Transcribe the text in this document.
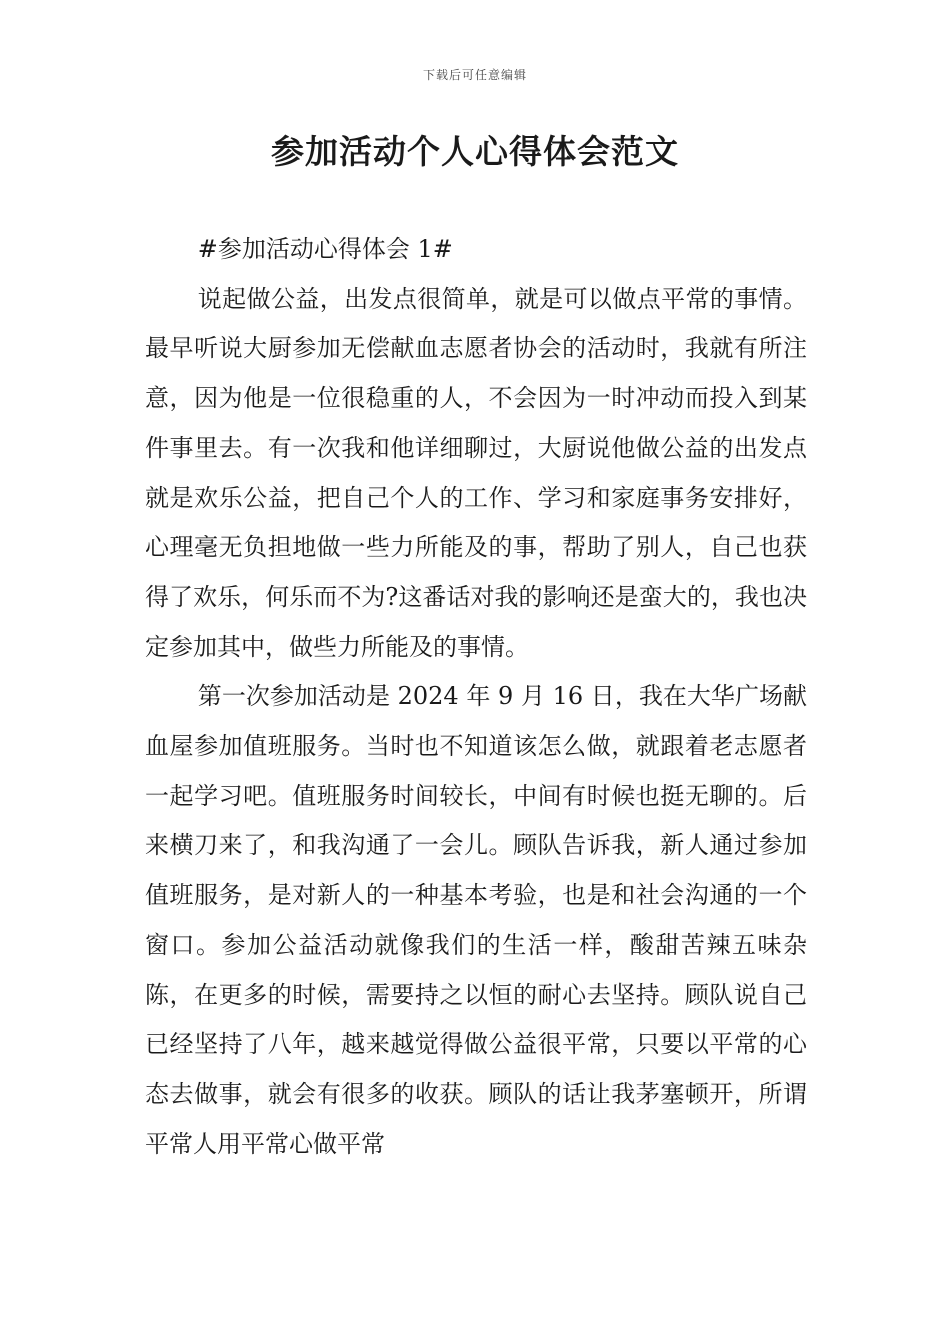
下载后可任意编辑
参加活动个人心得体会范文

#参加活动心得体会 1#

说起做公益，出发点很简单，就是可以做点平常的事情。最早听说大厨参加无偿献血志愿者协会的活动时，我就有所注意，因为他是一位很稳重的人，不会因为一时冲动而投入到某件事里去。有一次我和他详细聊过，大厨说他做公益的出发点就是欢乐公益，把自己个人的工作、学习和家庭事务安排好，心理毫无负担地做一些力所能及的事，帮助了别人，自己也获得了欢乐，何乐而不为?这番话对我的影响还是蛮大的，我也决定参加其中，做些力所能及的事情。

第一次参加活动是 2024 年 9 月 16 日，我在大华广场献血屋参加值班服务。当时也不知道该怎么做，就跟着老志愿者一起学习吧。值班服务时间较长，中间有时候也挺无聊的。后来横刀来了，和我沟通了一会儿。顾队告诉我，新人通过参加值班服务，是对新人的一种基本考验，也是和社会沟通的一个窗口。参加公益活动就像我们的生活一样，酸甜苦辣五味杂陈，在更多的时候，需要持之以恒的耐心去坚持。顾队说自己已经坚持了八年，越来越觉得做公益很平常，只要以平常的心态去做事，就会有很多的收获。顾队的话让我茅塞顿开，所谓平常人用平常心做平常
